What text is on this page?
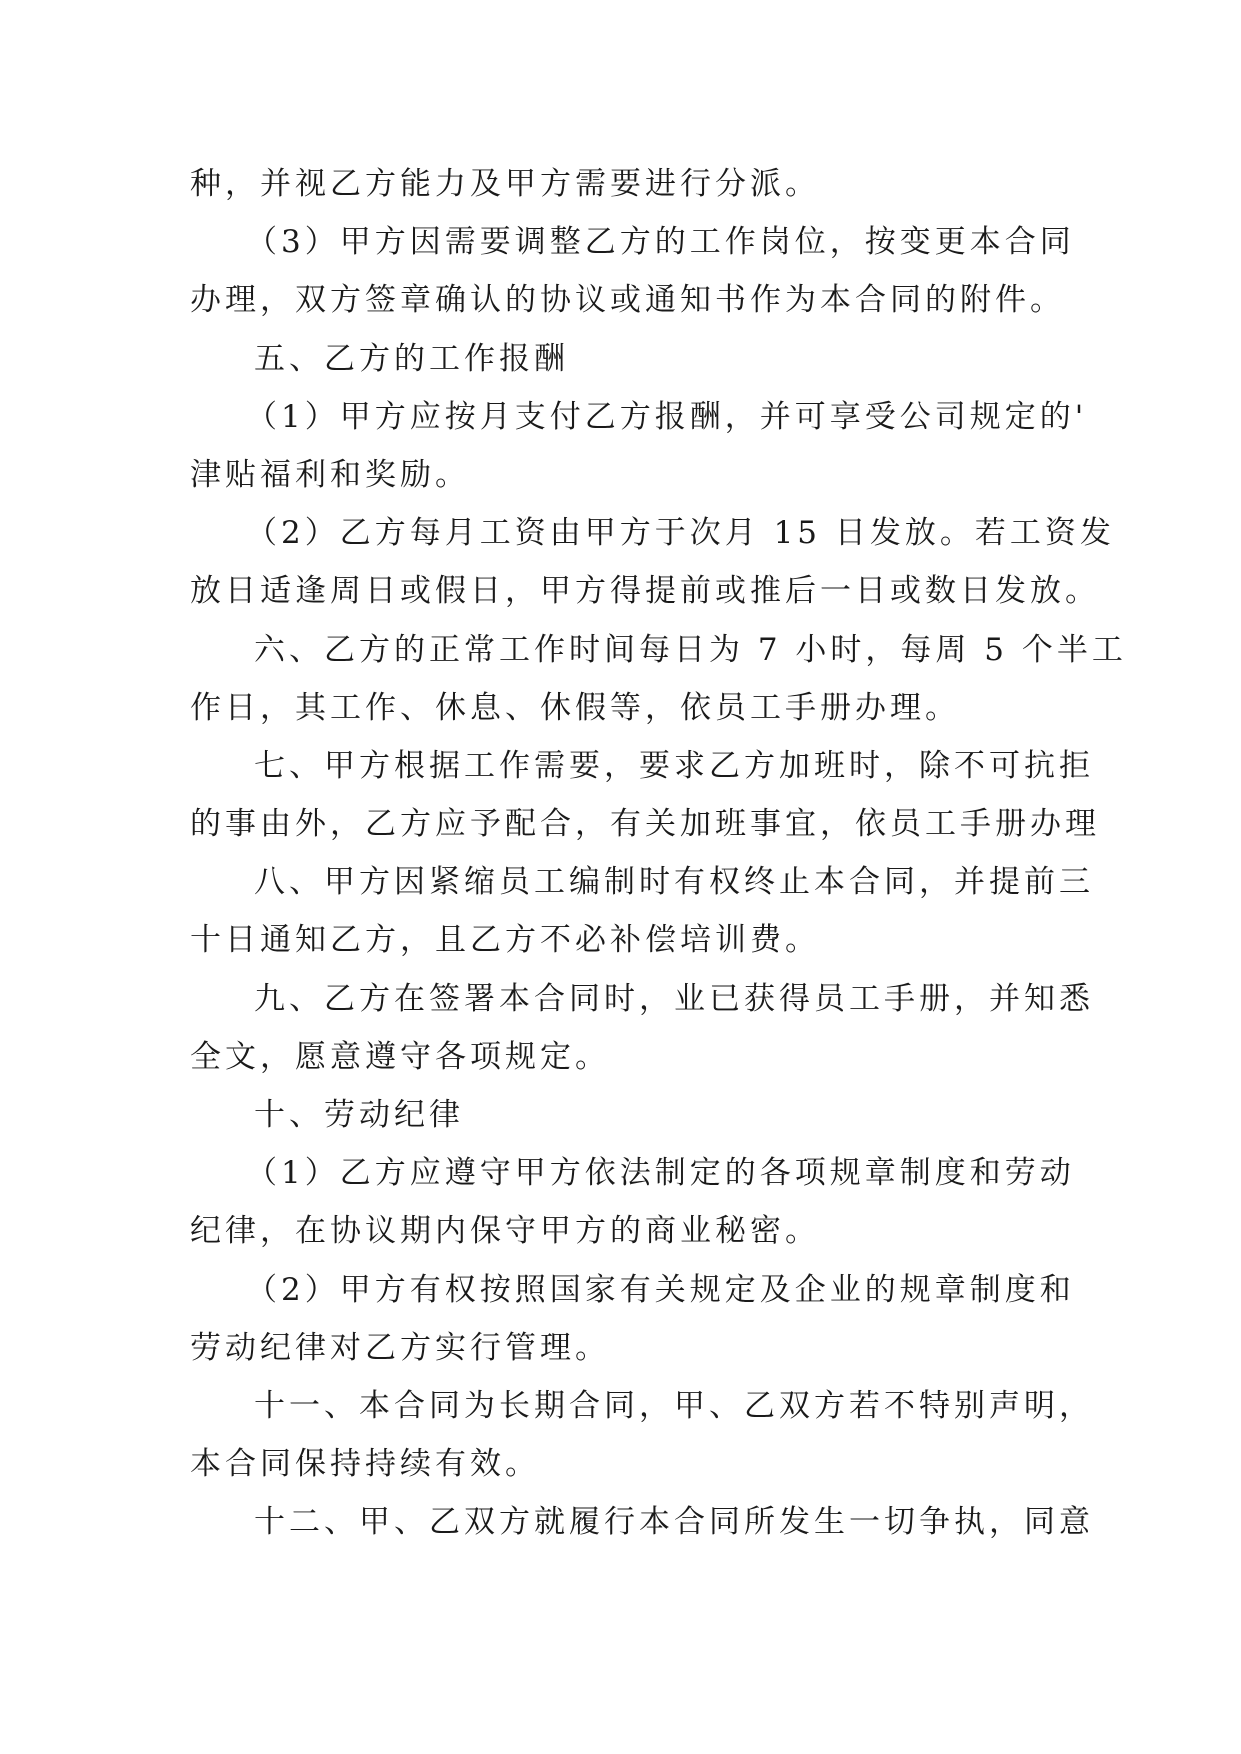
种，并视乙方能力及甲方需要进行分派。
（3）甲方因需要调整乙方的工作岗位，按变更本合同
办理，双方签章确认的协议或通知书作为本合同的附件。
五、乙方的工作报酬
（1）甲方应按月支付乙方报酬，并可享受公司规定的'
津贴福利和奖励。
（2）乙方每月工资由甲方于次月 15 日发放。若工资发
放日适逢周日或假日，甲方得提前或推后一日或数日发放。
六、乙方的正常工作时间每日为 7 小时，每周 5 个半工
作日，其工作、休息、休假等，依员工手册办理。
七、甲方根据工作需要，要求乙方加班时，除不可抗拒
的事由外，乙方应予配合，有关加班事宜，依员工手册办理
八、甲方因紧缩员工编制时有权终止本合同，并提前三
十日通知乙方，且乙方不必补偿培训费。
九、乙方在签署本合同时，业已获得员工手册，并知悉
全文，愿意遵守各项规定。
十、劳动纪律
（1）乙方应遵守甲方依法制定的各项规章制度和劳动
纪律，在协议期内保守甲方的商业秘密。
（2）甲方有权按照国家有关规定及企业的规章制度和
劳动纪律对乙方实行管理。
十一、本合同为长期合同，甲、乙双方若不特别声明，
本合同保持持续有效。
十二、甲、乙双方就履行本合同所发生一切争执，同意
